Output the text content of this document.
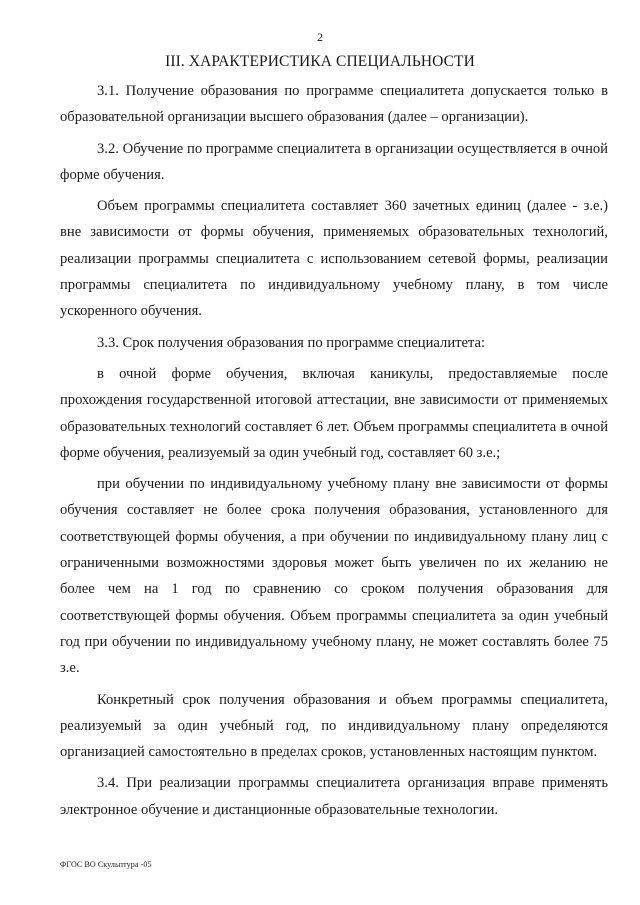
2
III. ХАРАКТЕРИСТИКА СПЕЦИАЛЬНОСТИ

3.1. Получение образования по программе специалитета допускается только в образовательной организации высшего образования (далее – организации).

3.2. Обучение по программе специалитета в организации осуществляется в очной форме обучения.

Объем программы специалитета составляет 360 зачетных единиц (далее - з.е.) вне зависимости от формы обучения, применяемых образовательных технологий, реализации программы специалитета с использованием сетевой формы, реализации программы специалитета по индивидуальному учебному плану, в том числе ускоренного обучения.

3.3. Срок получения образования по программе специалитета:

в очной форме обучения, включая каникулы, предоставляемые после прохождения государственной итоговой аттестации, вне зависимости от применяемых образовательных технологий составляет 6 лет. Объем программы специалитета в очной форме обучения, реализуемый за один учебный год, составляет 60 з.е.;

при обучении по индивидуальному учебному плану вне зависимости от формы обучения составляет не более срока получения образования, установленного для соответствующей формы обучения, а при обучении по индивидуальному плану лиц с ограниченными возможностями здоровья может быть увеличен по их желанию не более чем на 1 год по сравнению со сроком получения образования для соответствующей формы обучения. Объем программы специалитета за один учебный год при обучении по индивидуальному учебному плану, не может составлять более 75 з.е.

Конкретный срок получения образования и объем программы специалитета, реализуемый за один учебный год, по индивидуальному плану определяются организацией самостоятельно в пределах сроков, установленных настоящим пунктом.

3.4. При реализации программы специалитета организация вправе применять электронное обучение и дистанционные образовательные технологии.

ФГОС ВО Скульптура -05
